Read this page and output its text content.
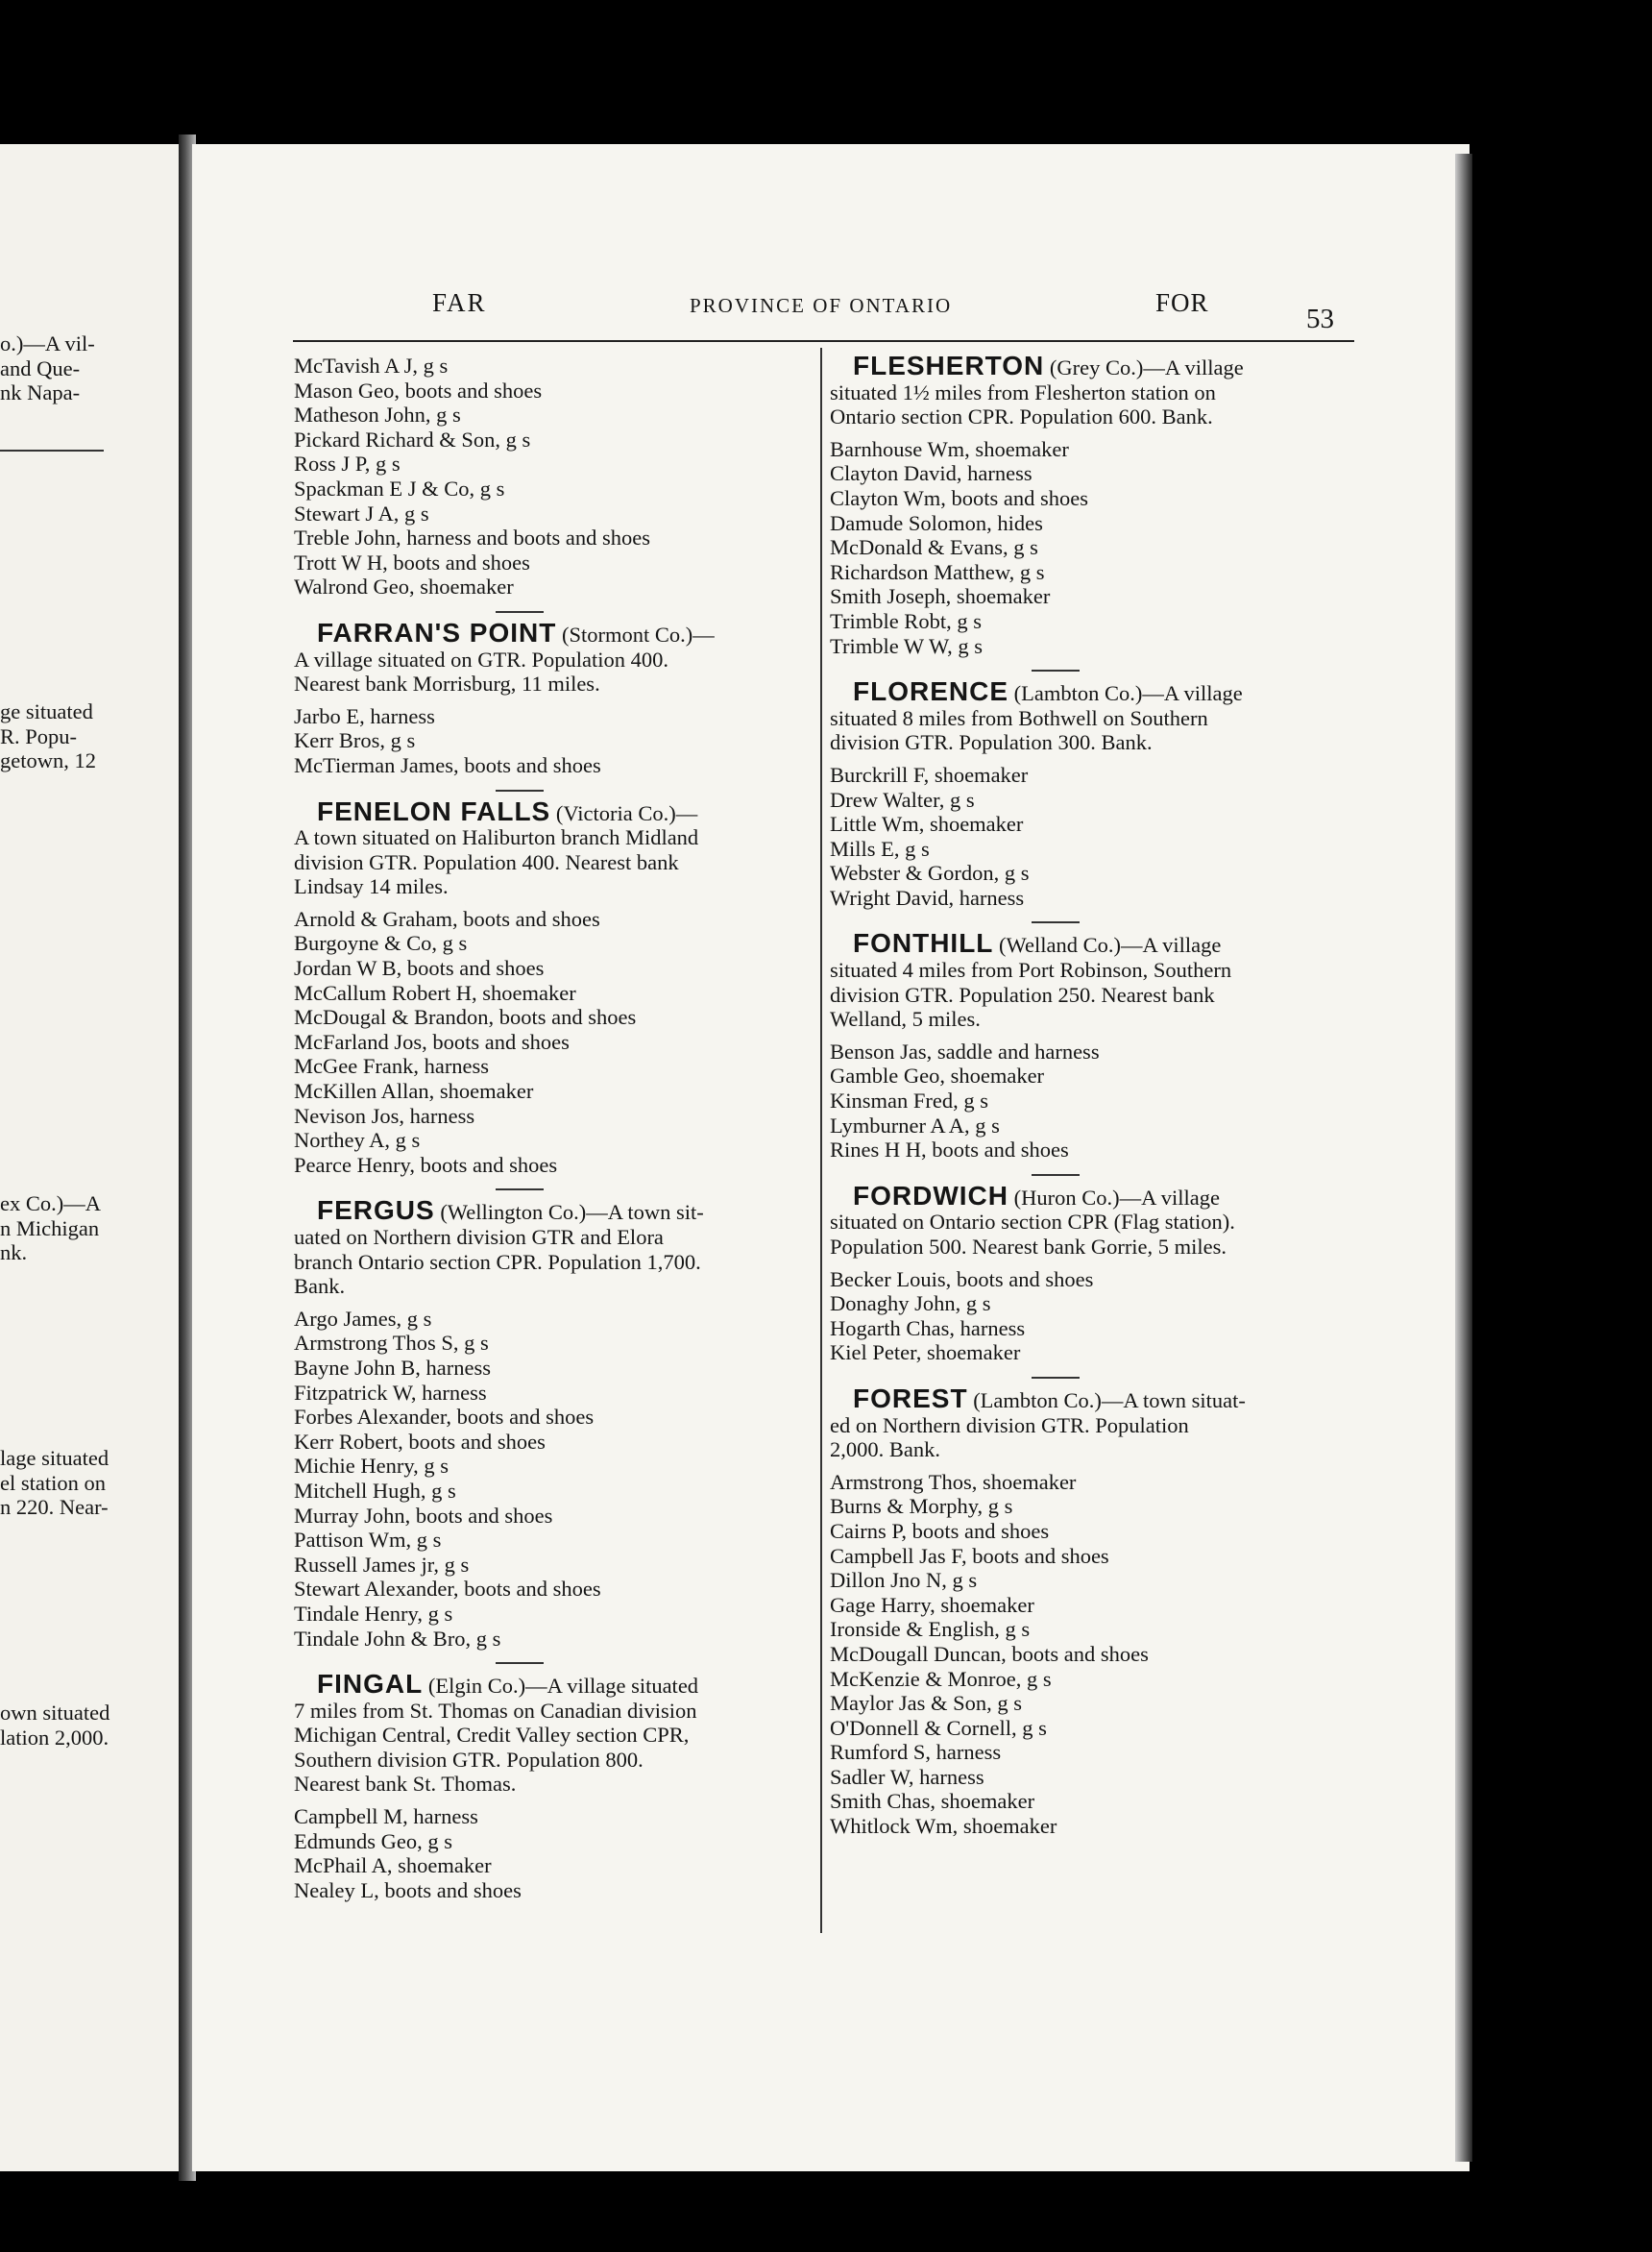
o.)—A vil-
and Que-
nk Napa-
ge situated
R. Popu-
getown, 12
ex Co.)—A
n Michigan
nk.
lage situated
el station on
n 220. Near-
own situated
lation 2,000.
FAR	PROVINCE OF ONTARIO	FOR
53
McTavish A J, g s
Mason Geo, boots and shoes
Matheson John, g s
Pickard Richard & Son, g s
Ross J P, g s
Spackman E J & Co, g s
Stewart J A, g s
Treble John, harness and boots and shoes
Trott W H, boots and shoes
Walrond Geo, shoemaker
FARRAN'S POINT (Stormont Co.)—
A village situated on GTR. Population 400.
Nearest bank Morrisburg, 11 miles.
Jarbo E, harness
Kerr Bros, g s
McTierman James, boots and shoes
FENELON FALLS (Victoria Co.)—
A town situated on Haliburton branch Midland
division GTR. Population 400. Nearest bank
Lindsay 14 miles.
Arnold & Graham, boots and shoes
Burgoyne & Co, g s
Jordan W B, boots and shoes
McCallum Robert H, shoemaker
McDougal & Brandon, boots and shoes
McFarland Jos, boots and shoes
McGee Frank, harness
McKillen Allan, shoemaker
Nevison Jos, harness
Northey A, g s
Pearce Henry, boots and shoes
FERGUS (Wellington Co.)—A town sit-
uated on Northern division GTR and Elora
branch Ontario section CPR. Population 1,700.
Bank.
Argo James, g s
Armstrong Thos S, g s
Bayne John B, harness
Fitzpatrick W, harness
Forbes Alexander, boots and shoes
Kerr Robert, boots and shoes
Michie Henry, g s
Mitchell Hugh, g s
Murray John, boots and shoes
Pattison Wm, g s
Russell James jr, g s
Stewart Alexander, boots and shoes
Tindale Henry, g s
Tindale John & Bro, g s
FINGAL (Elgin Co.)—A village situated
7 miles from St. Thomas on Canadian division
Michigan Central, Credit Valley section CPR,
Southern division GTR. Population 800.
Nearest bank St. Thomas.
Campbell M, harness
Edmunds Geo, g s
McPhail A, shoemaker
Nealey L, boots and shoes
FLESHERTON (Grey Co.)—A village
situated 1½ miles from Flesherton station on
Ontario section CPR. Population 600. Bank.
Barnhouse Wm, shoemaker
Clayton David, harness
Clayton Wm, boots and shoes
Damude Solomon, hides
McDonald & Evans, g s
Richardson Matthew, g s
Smith Joseph, shoemaker
Trimble Robt, g s
Trimble W W, g s
FLORENCE (Lambton Co.)—A village
situated 8 miles from Bothwell on Southern
division GTR. Population 300. Bank.
Burckrill F, shoemaker
Drew Walter, g s
Little Wm, shoemaker
Mills E, g s
Webster & Gordon, g s
Wright David, harness
FONTHILL (Welland Co.)—A village
situated 4 miles from Port Robinson, Southern
division GTR. Population 250. Nearest bank
Welland, 5 miles.
Benson Jas, saddle and harness
Gamble Geo, shoemaker
Kinsman Fred, g s
Lymburner A A, g s
Rines H H, boots and shoes
FORDWICH (Huron Co.)—A village
situated on Ontario section CPR (Flag station).
Population 500. Nearest bank Gorrie, 5 miles.
Becker Louis, boots and shoes
Donaghy John, g s
Hogarth Chas, harness
Kiel Peter, shoemaker
FOREST (Lambton Co.)—A town situat-
ed on Northern division GTR. Population
2,000. Bank.
Armstrong Thos, shoemaker
Burns & Morphy, g s
Cairns P, boots and shoes
Campbell Jas F, boots and shoes
Dillon Jno N, g s
Gage Harry, shoemaker
Ironside & English, g s
McDougall Duncan, boots and shoes
McKenzie & Monroe, g s
Maylor Jas & Son, g s
O'Donnell & Cornell, g s
Rumford S, harness
Sadler W, harness
Smith Chas, shoemaker
Whitlock Wm, shoemaker
